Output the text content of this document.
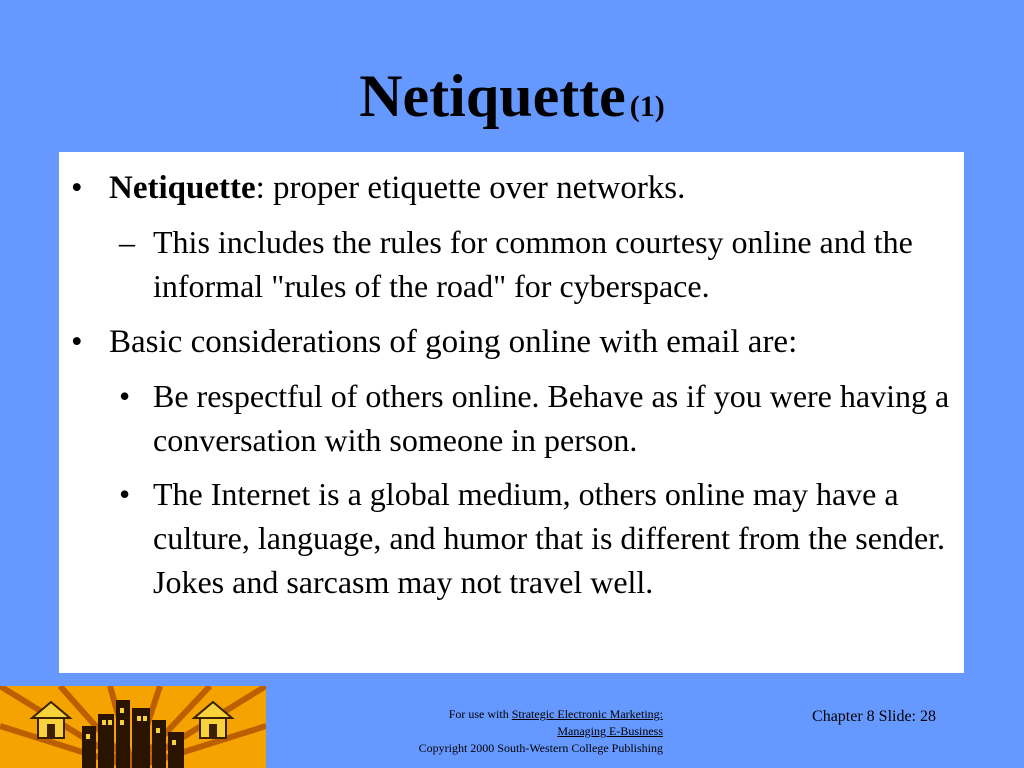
Netiquette (1)
• Netiquette: proper etiquette over networks.
– This includes the rules for common courtesy online and the informal "rules of the road" for cyberspace.
• Basic considerations of going online with email are:
• Be respectful of others online. Behave as if you were having a conversation with someone in person.
• The Internet is a global medium, others online may have a culture, language, and humor that is different from the sender. Jokes and sarcasm may not travel well.
For use with Strategic Electronic Marketing:
Managing E-Business
Copyright 2000 South-Western College Publishing
Chapter 8 Slide: 28
